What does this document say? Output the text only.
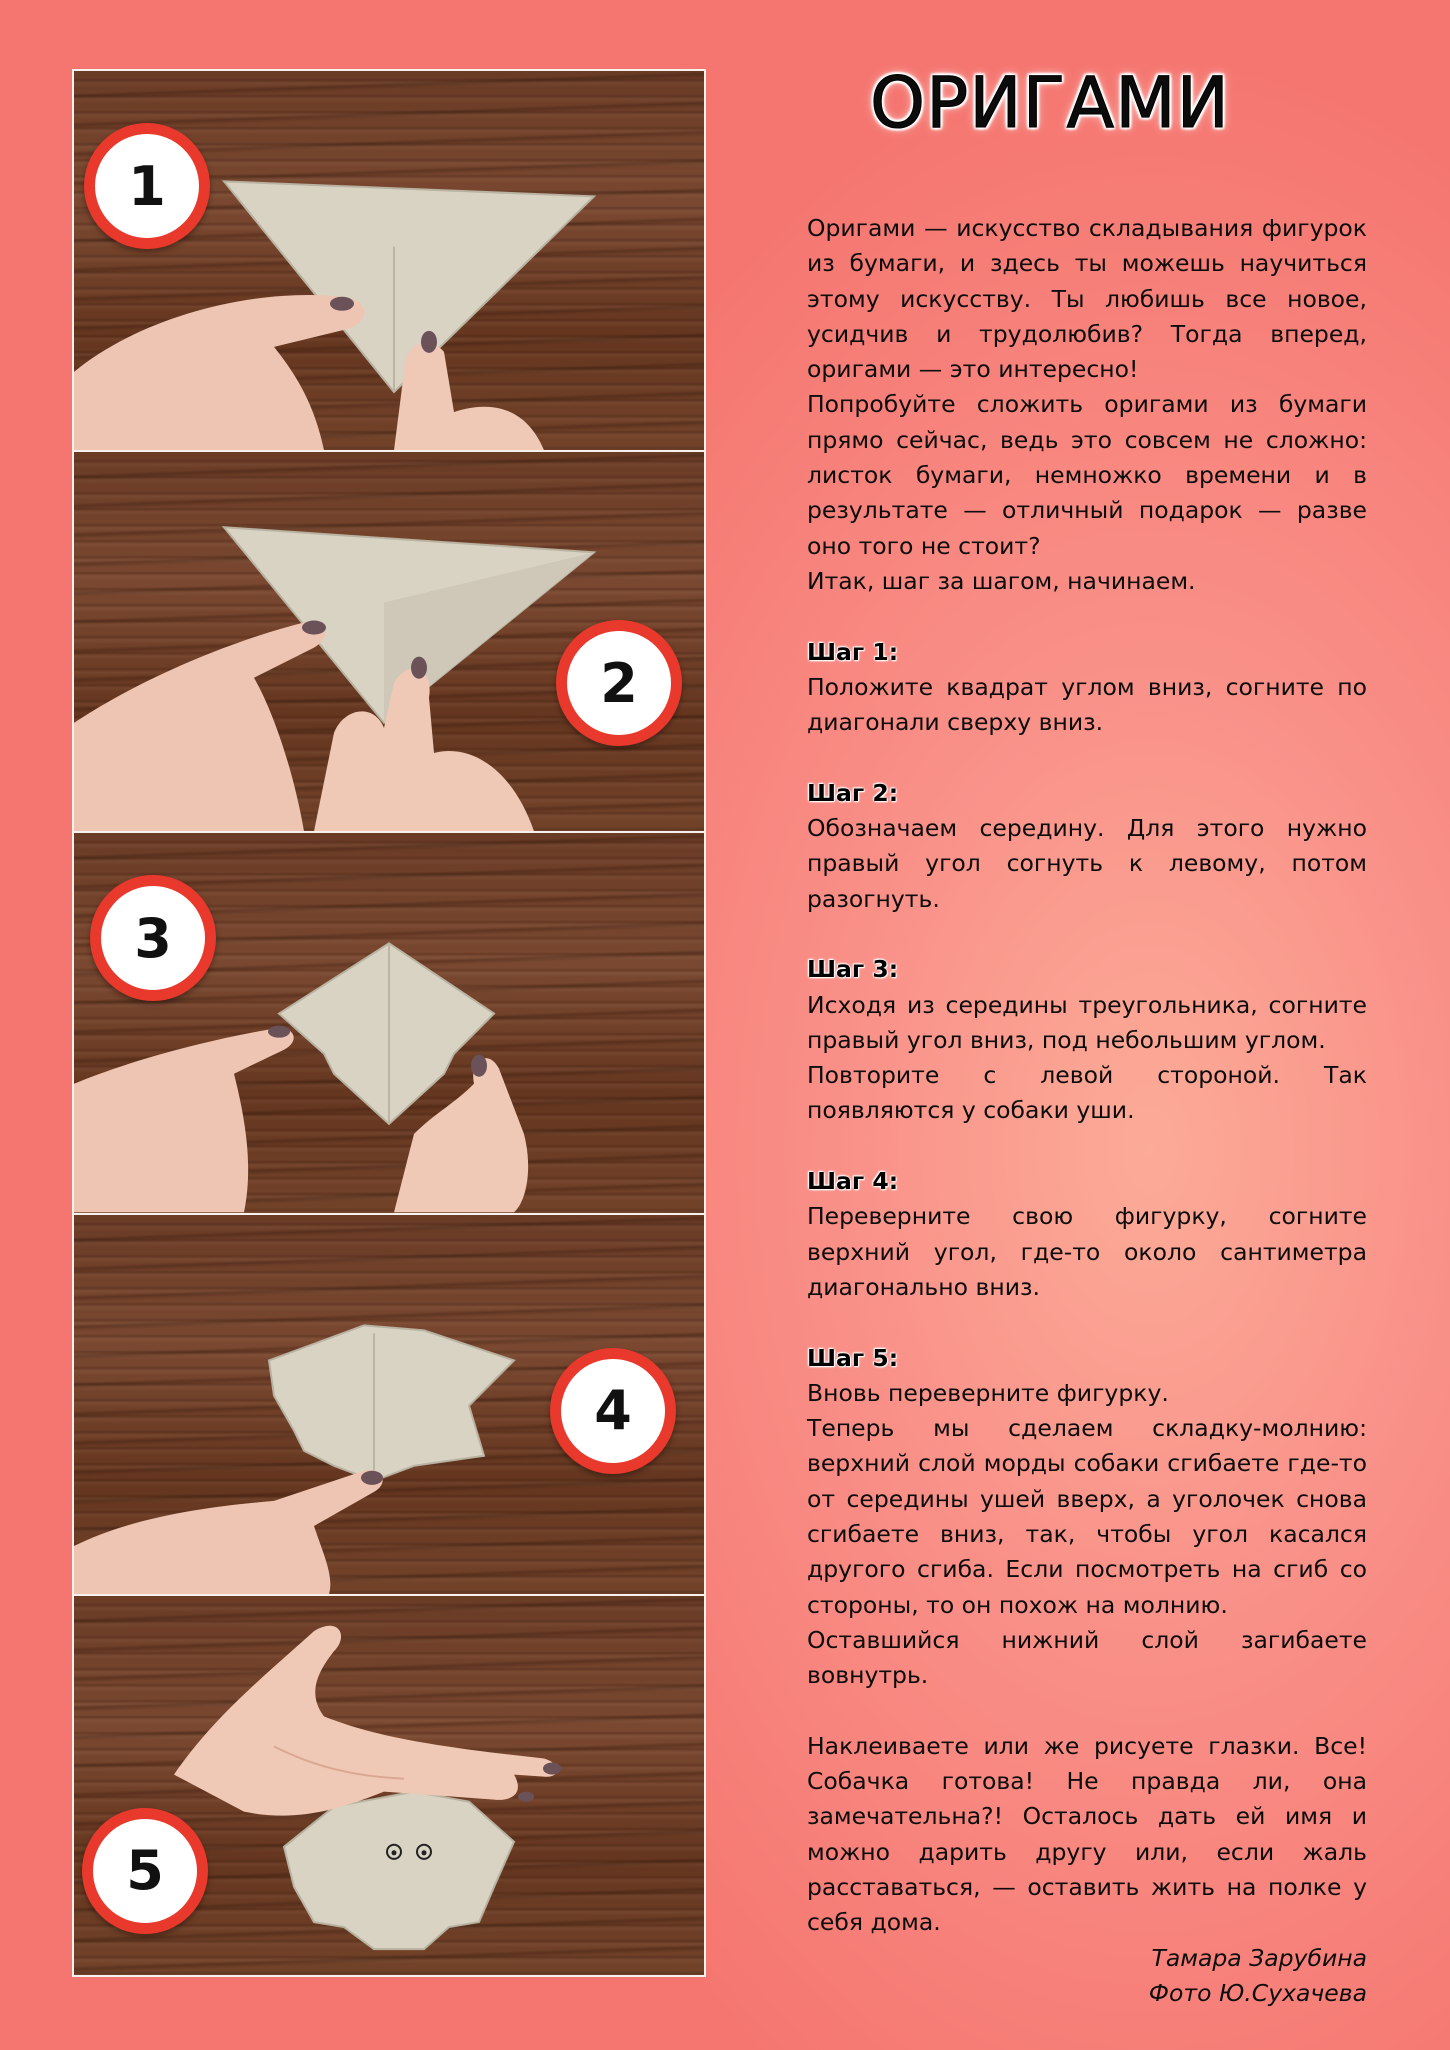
1
2
3
4
5
ОРИГАМИ

Оригами — искусство складывания фигурок из бумаги, и здесь ты можешь научиться этому искусству. Ты любишь все новое, усидчив и трудолюбив? Тогда вперед, оригами — это интересно!

Попробуйте сложить оригами из бумаги прямо сейчас, ведь это совсем не сложно: листок бумаги, немножко времени и в результате — отличный подарок — разве оно того не стоит?

Итак, шаг за шагом, начинаем.

Шаг 1:

Положите квадрат углом вниз, согните по диагонали сверху вниз.

Шаг 2:

Обозначаем середину. Для этого нужно правый угол согнуть к левому, потом разогнуть.

Шаг 3:

Исходя из середины треугольника, согните правый угол вниз, под небольшим углом.

Повторите с левой стороной. Так появляются у собаки уши.

Шаг 4:

Переверните свою фигурку, согните верхний угол, где-то около сантиметра диагонально вниз.

Шаг 5:

Вновь переверните фигурку.

Теперь мы сделаем складку-молнию: верхний слой морды собаки сгибаете где-то от середины ушей вверх, а уголочек снова сгибаете вниз, так, чтобы угол касался другого сгиба. Если посмотреть на сгиб со стороны, то он похож на молнию.

Оставшийся нижний слой загибаете вовнутрь.

Наклеиваете или же рисуете глазки. Все! Собачка готова! Не правда ли, она замечательна?! Осталось дать ей имя и можно дарить другу или, если жаль расставаться, — оставить жить на полке у себя дома.

Тамара Зарубина

Фото Ю.Сухачева
